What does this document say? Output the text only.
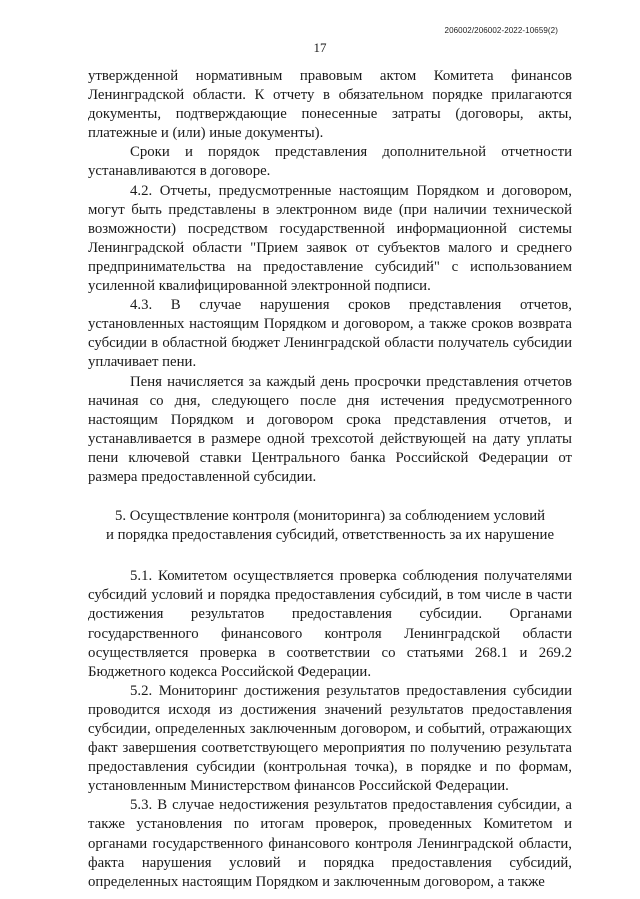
206002/206002-2022-10659(2)
17

утвержденной нормативным правовым актом Комитета финансов Ленинградской области. К отчету в обязательном порядке прилагаются документы, подтверждающие понесенные затраты (договоры, акты, платежные и (или) иные документы).

Сроки и порядок представления дополнительной отчетности устанавливаются в договоре.

4.2. Отчеты, предусмотренные настоящим Порядком и договором, могут быть представлены в электронном виде (при наличии технической возможности) посредством государственной информационной системы Ленинградской области "Прием заявок от субъектов малого и среднего предпринимательства на предоставление субсидий" с использованием усиленной квалифицированной электронной подписи.

4.3. В случае нарушения сроков представления отчетов, установленных настоящим Порядком и договором, а также сроков возврата субсидии в областной бюджет Ленинградской области получатель субсидии уплачивает пени.

Пеня начисляется за каждый день просрочки представления отчетов начиная со дня, следующего после дня истечения предусмотренного настоящим Порядком и договором срока представления отчетов, и устанавливается в размере одной трехсотой действующей на дату уплаты пени ключевой ставки Центрального банка Российской Федерации от размера предоставленной субсидии.

5. Осуществление контроля (мониторинга) за соблюдением условий
и порядка предоставления субсидий, ответственность за их нарушение

5.1. Комитетом осуществляется проверка соблюдения получателями субсидий условий и порядка предоставления субсидий, в том числе в части достижения результатов предоставления субсидии. Органами государственного финансового контроля Ленинградской области осуществляется проверка в соответствии со статьями 268.1 и 269.2 Бюджетного кодекса Российской Федерации.

5.2. Мониторинг достижения результатов предоставления субсидии проводится исходя из достижения значений результатов предоставления субсидии, определенных заключенным договором, и событий, отражающих факт завершения соответствующего мероприятия по получению результата предоставления субсидии (контрольная точка), в порядке и по формам, установленным Министерством финансов Российской Федерации.

5.3. В случае недостижения результатов предоставления субсидии, а также установления по итогам проверок, проведенных Комитетом и органами государственного финансового контроля Ленинградской области, факта нарушения условий и порядка предоставления субсидий, определенных настоящим Порядком и заключенным договором, а также
